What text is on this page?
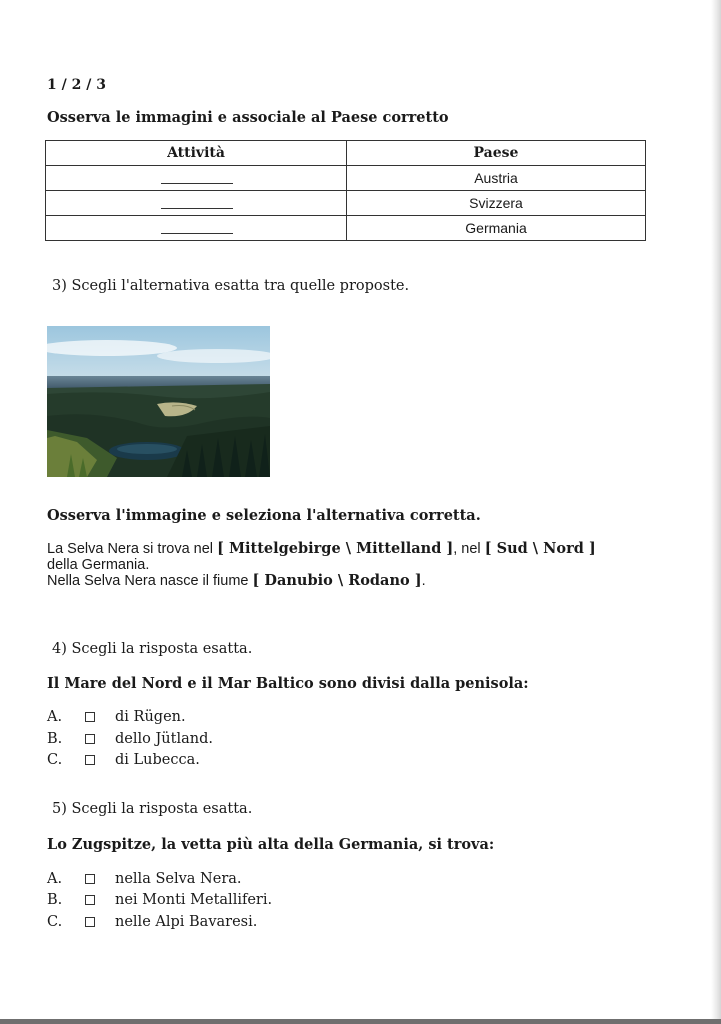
1 / 2 / 3
Osserva le immagini e associale al Paese corretto
Attività	Paese
	Austria
	Svizzera
	Germania
3) Scegli l'alternativa esatta tra quelle proposte.
Osserva l'immagine e seleziona l'alternativa corretta.
La Selva Nera si trova nel [ Mittelgebirge \ Mittelland ], nel [ Sud \ Nord ]
della Germania.
Nella Selva Nera nasce il fiume [ Danubio \ Rodano ].
4) Scegli la risposta esatta.
Il Mare del Nord e il Mar Baltico sono divisi dalla penisola:
A.	di Rügen.
B.	dello Jütland.
C.	di Lubecca.
5) Scegli la risposta esatta.
Lo Zugspitze, la vetta più alta della Germania, si trova:
A.	nella Selva Nera.
B.	nei Monti Metalliferi.
C.	nelle Alpi Bavaresi.
